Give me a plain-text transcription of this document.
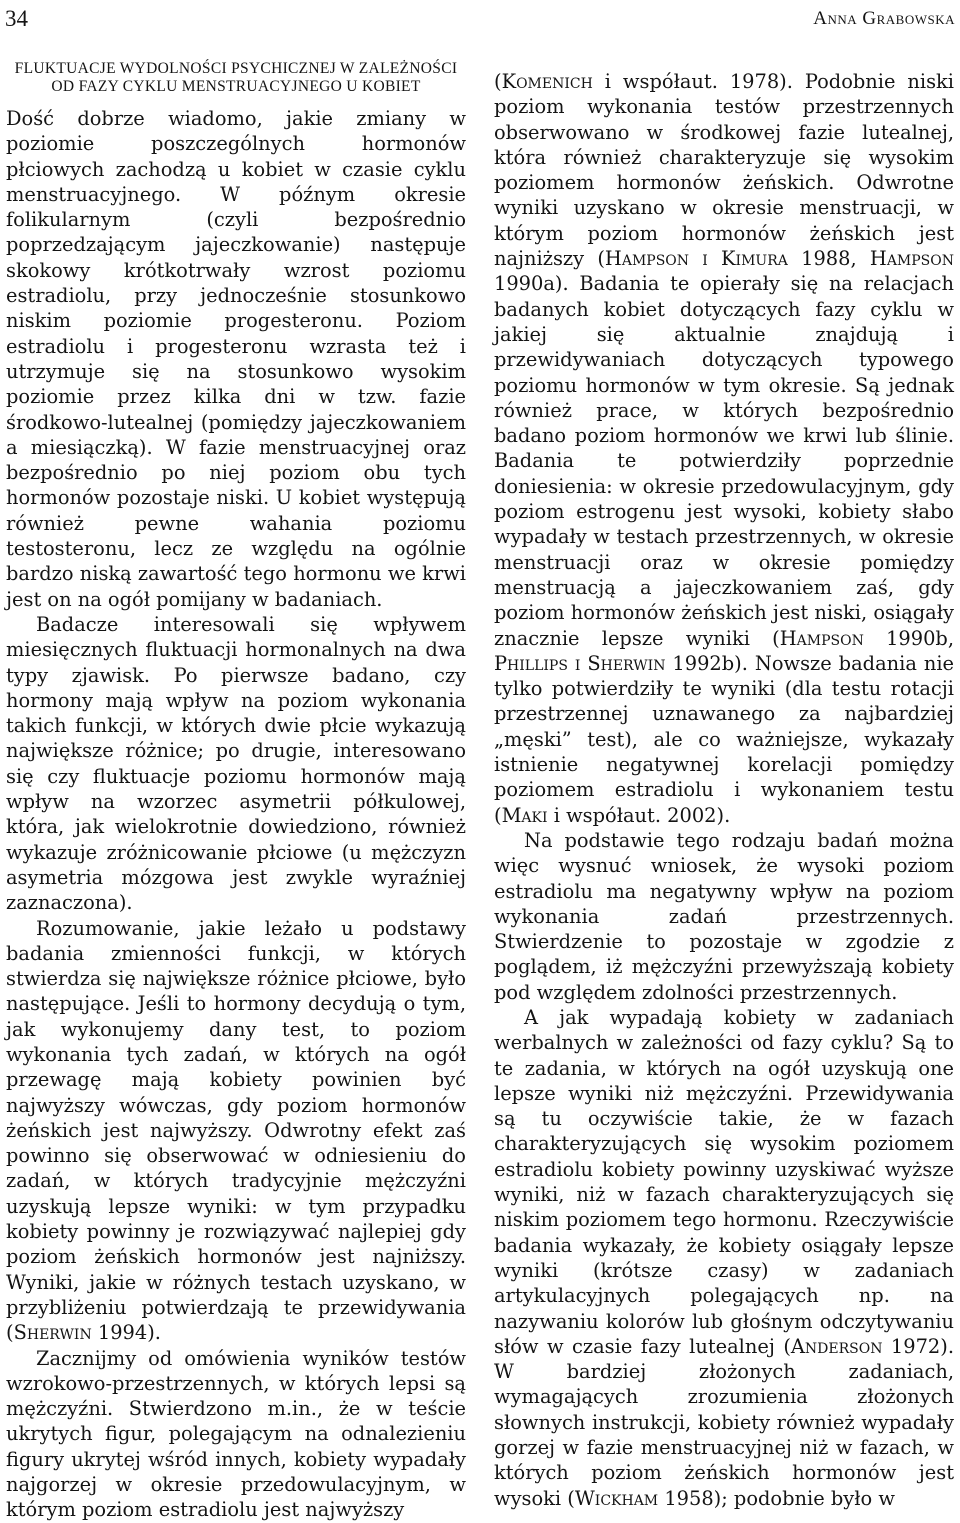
34	Anna Grabowska
FLUKTUACJE WYDOLNOŚCI PSYCHICZNEJ W ZALEŻNOŚCI OD FAZY CYKLU MENSTRUACYJNEGO U KOBIET

Dość dobrze wiadomo, jakie zmiany w poziomie poszczególnych hormonów płciowych zachodzą u kobiet w czasie cyklu menstruacyjnego. W późnym okresie folikularnym (czyli bezpośrednio poprzedzającym jajeczkowanie) następuje skokowy krótkotrwały wzrost poziomu estradiolu, przy jednocześnie stosunkowo niskim poziomie progesteronu. Poziom estradiolu i progesteronu wzrasta też i utrzymuje się na stosunkowo wysokim poziomie przez kilka dni w tzw. fazie środkowo-lutealnej (pomiędzy jajeczkowaniem a miesiączką). W fazie menstruacyjnej oraz bezpośrednio po niej poziom obu tych hormonów pozostaje niski. U kobiet występują również pewne wahania poziomu testosteronu, lecz ze względu na ogólnie bardzo niską zawartość tego hormonu we krwi jest on na ogół pomijany w badaniach.

Badacze interesowali się wpływem miesięcznych fluktuacji hormonalnych na dwa typy zjawisk. Po pierwsze badano, czy hormony mają wpływ na poziom wykonania takich funkcji, w których dwie płcie wykazują największe różnice; po drugie, interesowano się czy fluktuacje poziomu hormonów mają wpływ na wzorzec asymetrii półkulowej, która, jak wielokrotnie dowiedziono, również wykazuje zróżnicowanie płciowe (u mężczyzn asymetria mózgowa jest zwykle wyraźniej zaznaczona).

Rozumowanie, jakie leżało u podstawy badania zmienności funkcji, w których stwierdza się największe różnice płciowe, było następujące. Jeśli to hormony decydują o tym, jak wykonujemy dany test, to poziom wykonania tych zadań, w których na ogół przewagę mają kobiety powinien być najwyższy wówczas, gdy poziom hormonów żeńskich jest najwyższy. Odwrotny efekt zaś powinno się obserwować w odniesieniu do zadań, w których tradycyjnie mężczyźni uzyskują lepsze wyniki: w tym przypadku kobiety powinny je rozwiązywać najlepiej gdy poziom żeńskich hormonów jest najniższy. Wyniki, jakie w różnych testach uzyskano, w przybliżeniu potwierdzają te przewidywania (Sherwin 1994).

Zacznijmy od omówienia wyników testów wzrokowo-przestrzennych, w których lepsi są mężczyźni. Stwierdzono m.in., że w teście ukrytych figur, polegającym na odnalezieniu figury ukrytej wśród innych, kobiety wypadały najgorzej w okresie przedowulacyjnym, w którym poziom estradiolu jest najwyższy

(Komenich i współaut. 1978). Podobnie niski poziom wykonania testów przestrzennych obserwowano w środkowej fazie lutealnej, która również charakteryzuje się wysokim poziomem hormonów żeńskich. Odwrotne wyniki uzyskano w okresie menstruacji, w którym poziom hormonów żeńskich jest najniższy (Hampson i Kimura 1988, Hampson 1990a). Badania te opierały się na relacjach badanych kobiet dotyczących fazy cyklu w jakiej się aktualnie znajdują i przewidywaniach dotyczących typowego poziomu hormonów w tym okresie. Są jednak również prace, w których bezpośrednio badano poziom hormonów we krwi lub ślinie. Badania te potwierdziły poprzednie doniesienia: w okresie przedowulacyjnym, gdy poziom estrogenu jest wysoki, kobiety słabo wypadały w testach przestrzennych, w okresie menstruacji oraz w okresie pomiędzy menstruacją a jajeczkowaniem zaś, gdy poziom hormonów żeńskich jest niski, osiągały znacznie lepsze wyniki (Hampson 1990b, Phillips i Sherwin 1992b). Nowsze badania nie tylko potwierdziły te wyniki (dla testu rotacji przestrzennej uznawanego za najbardziej „męski” test), ale co ważniejsze, wykazały istnienie negatywnej korelacji pomiędzy poziomem estradiolu i wykonaniem testu (Maki i współaut. 2002).

Na podstawie tego rodzaju badań można więc wysnuć wniosek, że wysoki poziom estradiolu ma negatywny wpływ na poziom wykonania zadań przestrzennych. Stwierdzenie to pozostaje w zgodzie z poglądem, iż mężczyźni przewyższają kobiety pod względem zdolności przestrzennych.

A jak wypadają kobiety w zadaniach werbalnych w zależności od fazy cyklu? Są to te zadania, w których na ogół uzyskują one lepsze wyniki niż mężczyźni. Przewidywania są tu oczywiście takie, że w fazach charakteryzujących się wysokim poziomem estradiolu kobiety powinny uzyskiwać wyższe wyniki, niż w fazach charakteryzujących się niskim poziomem tego hormonu. Rzeczywiście badania wykazały, że kobiety osiągały lepsze wyniki (krótsze czasy) w zadaniach artykulacyjnych polegających np. na nazywaniu kolorów lub głośnym odczytywaniu słów w czasie fazy lutealnej (Anderson 1972). W bardziej złożonych zadaniach, wymagających zrozumienia złożonych słownych instrukcji, kobiety również wypadały gorzej w fazie menstruacyjnej niż w fazach, w których poziom żeńskich hormonów jest wysoki (Wickham 1958); podobnie było w
